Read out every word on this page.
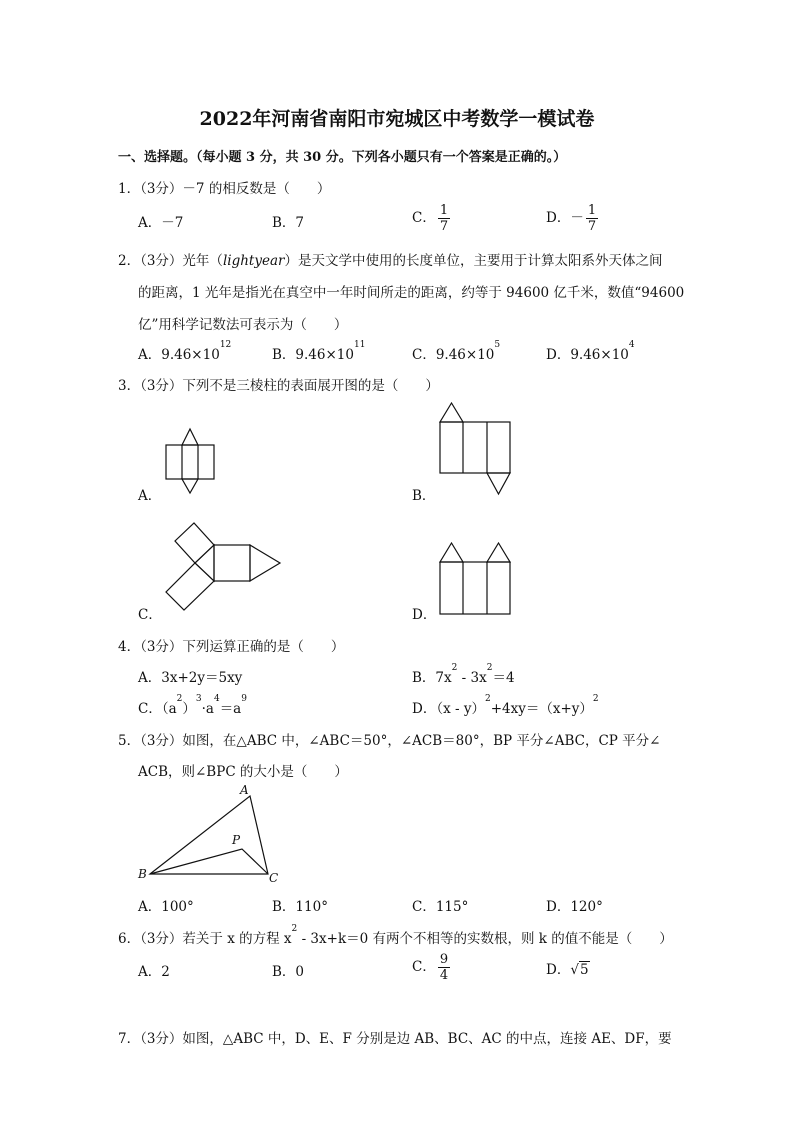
2022年河南省南阳市宛城区中考数学一模试卷
一、选择题。（每小题 3 分，共 30 分。下列各小题只有一个答案是正确的。）
1．（3分）－7 的相反数是（　　）
A．－7	B．7	C． $\frac{1}{7}$	D．－ $\frac{1}{7}$
2．（3分）光年（lightyear）是天文学中使用的长度单位，主要用于计算太阳系外天体之间
的距离，1 光年是指光在真空中一年时间所走的距离，约等于 94600 亿千米，数值“94600
亿”用科学记数法可表示为（　　）
A．$9.46\times 10^{12}$
B．$9.46\times 10^{11}$
C．$9.46\times 10^5$
D．$9.46\times 10^4$
3．（3分）下列不是三棱柱的表面展开图的是（　　）
A．	B．
C．	D．
4．（3分）下列运算正确的是（　　）
A．3x+2y＝5xy	B．$7x^2 - 3x^2=4$
C．$(a^2)^3\cdot a^4=a^9$
D．$(x - y)^2+4xy=(x+y)^2$
5．（3分）如图，在△ABC 中，∠ABC＝50°，∠ACB＝80°，BP 平分∠ABC，CP 平分∠
ACB，则∠BPC 的大小是（　　）
A
B	C
P
A．100°	B．110°	C．115°	D．120°
6．（3分）若关于 x 的方程 $x^2 - 3x+k=0$ 有两个不相等的实数根，则 k 的值不能是（　　）
A．2	B．0	C． $\frac{9}{4}$	D．√5
7．（3分）如图，△ABC 中，D、E、F 分别是边 AB、BC、AC 的中点，连接 AE、DF，要
